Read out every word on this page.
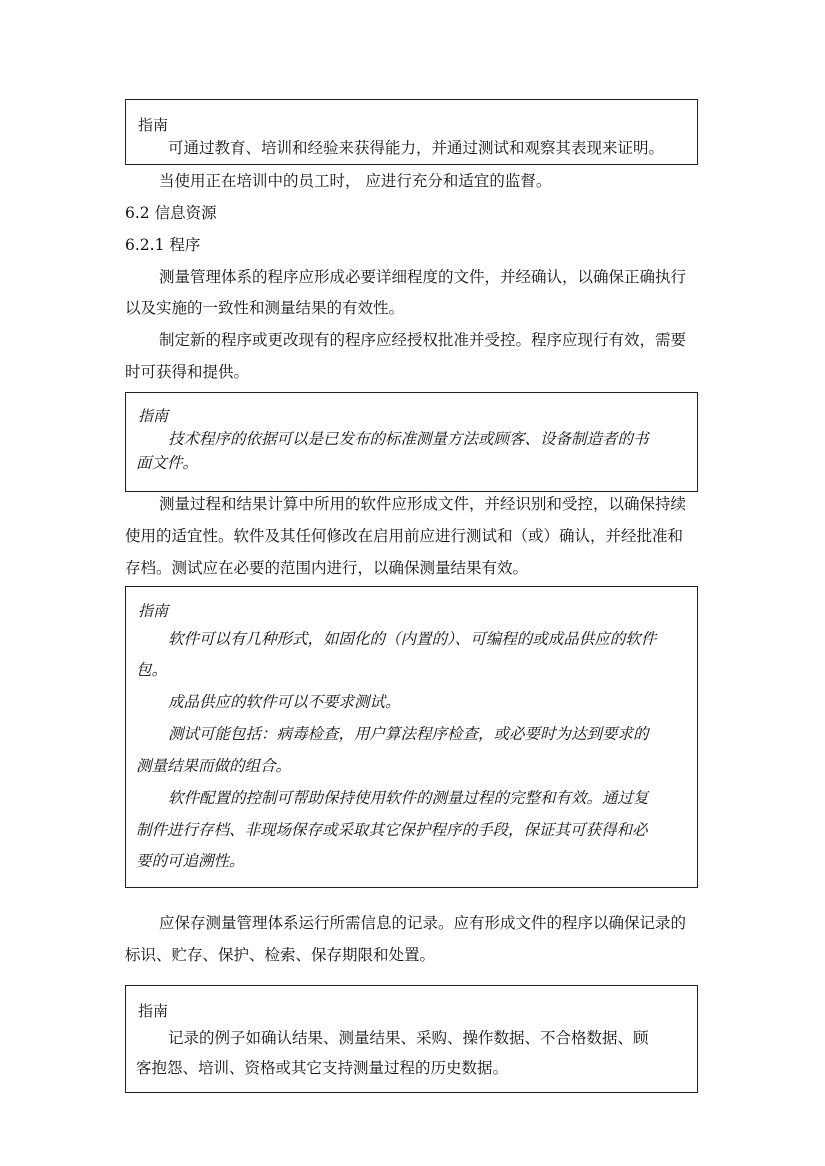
指南
可通过教育、培训和经验来获得能力，并通过测试和观察其表现来证明。
当使用正在培训中的员工时， 应进行充分和适宜的监督。
6.2 信息资源
6.2.1 程序
测量管理体系的程序应形成必要详细程度的文件，并经确认，以确保正确执行
以及实施的一致性和测量结果的有效性。
制定新的程序或更改现有的程序应经授权批准并受控。程序应现行有效，需要
时可获得和提供。
指南
技术程序的依据可以是已发布的标准测量方法或顾客、设备制造者的书
面文件。
测量过程和结果计算中所用的软件应形成文件，并经识别和受控，以确保持续
使用的适宜性。软件及其任何修改在启用前应进行测试和（或）确认，并经批准和
存档。测试应在必要的范围内进行，以确保测量结果有效。
指南
软件可以有几种形式，如固化的（内置的）、可编程的或成品供应的软件
包。
成品供应的软件可以不要求测试。
测试可能包括：病毒检查，用户算法程序检查，或必要时为达到要求的
测量结果而做的组合。
软件配置的控制可帮助保持使用软件的测量过程的完整和有效。通过复
制件进行存档、非现场保存或采取其它保护程序的手段，保证其可获得和必
要的可追溯性。
应保存测量管理体系运行所需信息的记录。应有形成文件的程序以确保记录的
标识、贮存、保护、检索、保存期限和处置。
指南
记录的例子如确认结果、测量结果、采购、操作数据、不合格数据、顾
客抱怨、培训、资格或其它支持测量过程的历史数据。
